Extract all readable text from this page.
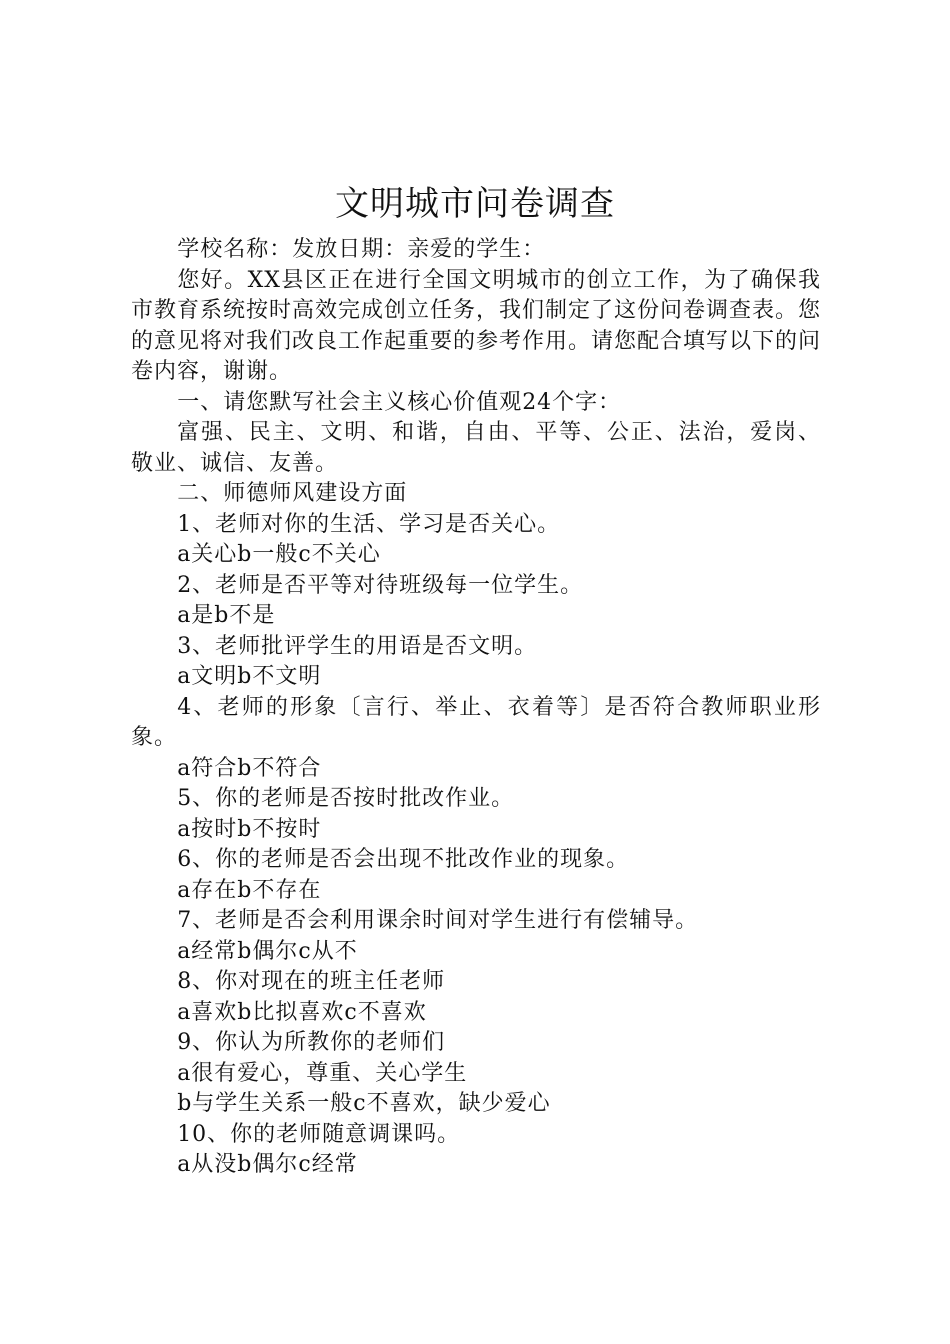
文明城市问卷调查

学校名称：发放日期：亲爱的学生：

您好。XX县区正在进行全国文明城市的创立工作，为了确保我市教育系统按时高效完成创立任务，我们制定了这份问卷调查表。您的意见将对我们改良工作起重要的参考作用。请您配合填写以下的问卷内容，谢谢。

一、请您默写社会主义核心价值观24个字：

富强、民主、文明、和谐，自由、平等、公正、法治，爱岗、敬业、诚信、友善。

二、师德师风建设方面

1、老师对你的生活、学习是否关心。

a关心b一般c不关心

2、老师是否平等对待班级每一位学生。

a是b不是

3、老师批评学生的用语是否文明。

a文明b不文明

4、老师的形象〔言行、举止、衣着等〕是否符合教师职业形象。

a符合b不符合

5、你的老师是否按时批改作业。

a按时b不按时

6、你的老师是否会出现不批改作业的现象。

a存在b不存在

7、老师是否会利用课余时间对学生进行有偿辅导。

a经常b偶尔c从不

8、你对现在的班主任老师

a喜欢b比拟喜欢c不喜欢

9、你认为所教你的老师们

a很有爱心，尊重、关心学生

b与学生关系一般c不喜欢，缺少爱心

10、你的老师随意调课吗。

a从没b偶尔c经常
